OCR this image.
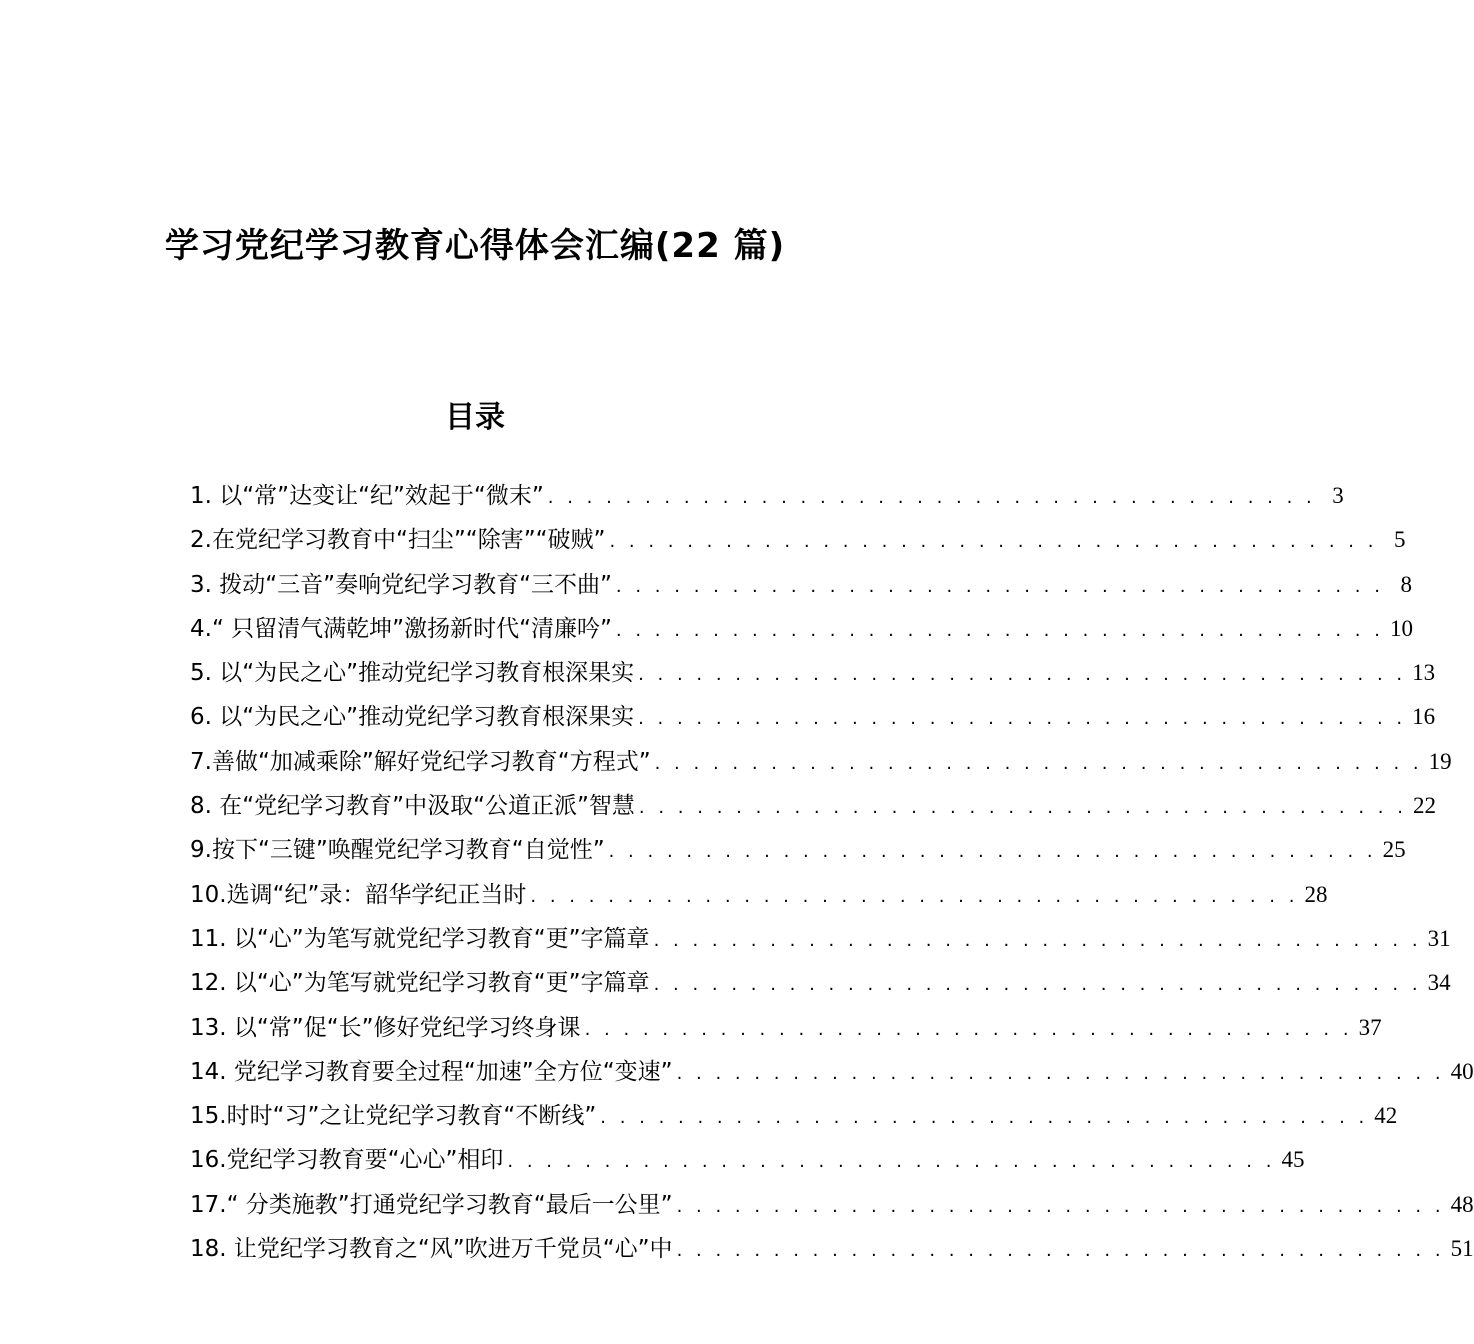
学习党纪学习教育心得体会汇编(22 篇)
目录
1. 以“常”达变让“纪”效起于“微末” . . .	3
2.在党纪学习教育中“扫尘”“除害”“破贼” . . .	5
3. 拨动“三音”奏响党纪学习教育“三不曲” . . .	8
4.“ 只留清气满乾坤”激扬新时代“清廉吟” . . .	10
5. 以“为民之心”推动党纪学习教育根深果实 . . .	13
6. 以“为民之心”推动党纪学习教育根深果实 . . .	16
7.善做“加减乘除”解好党纪学习教育“方程式” . . .	19
8. 在“党纪学习教育”中汲取“公道正派”智慧 . . .	22
9.按下“三键”唤醒党纪学习教育“自觉性” . . .	25
10.选调“纪”录：韶华学纪正当时 . . .	28
11. 以“心”为笔写就党纪学习教育“更”字篇章 . . .	31
12. 以“心”为笔写就党纪学习教育“更”字篇章 . . .	34
13. 以“常”促“长”修好党纪学习终身课 . . .	37
14. 党纪学习教育要全过程“加速”全方位“变速” . . .	40
15.时时“习”之让党纪学习教育“不断线” . . .	42
16.党纪学习教育要“心心”相印 . . .	45
17.“ 分类施教”打通党纪学习教育“最后一公里” . . .	48
18. 让党纪学习教育之“风”吹进万千党员“心”中 . . .	51
